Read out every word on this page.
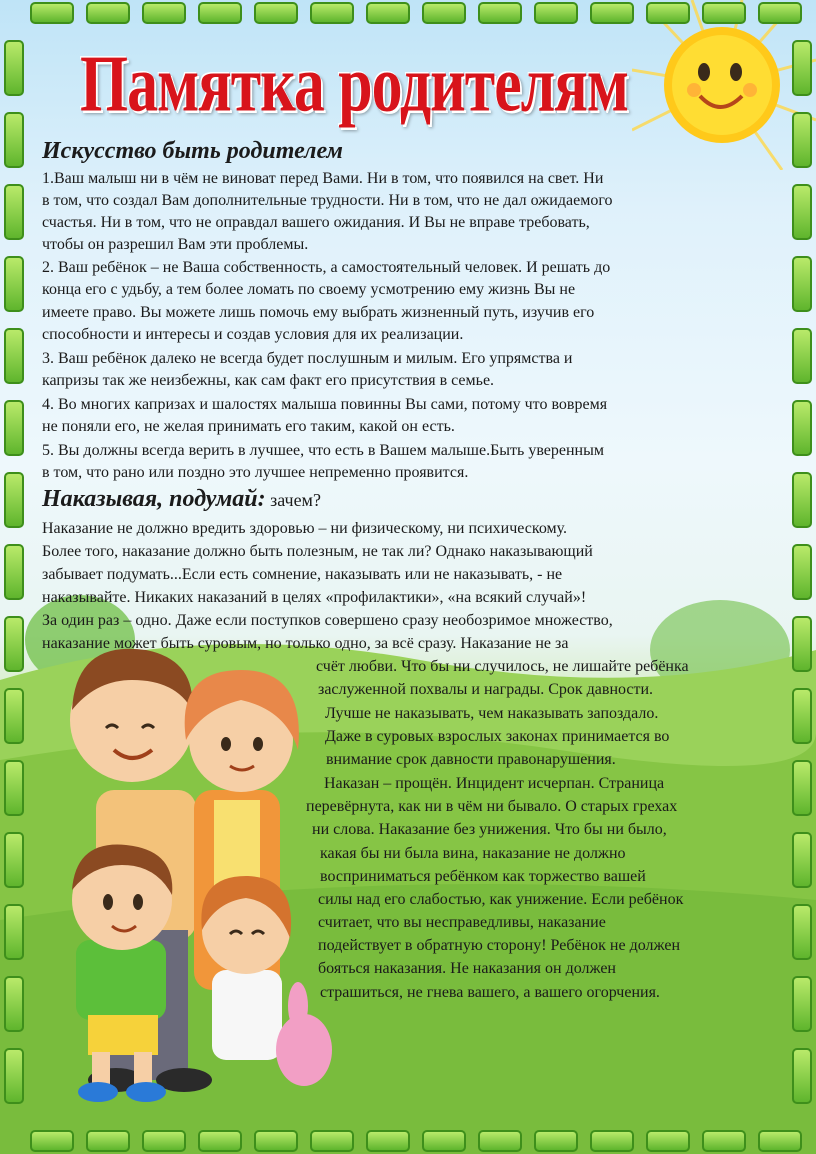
Памятка родителям
Искусство быть родителем
1.Ваш малыш ни в чём не виноват перед Вами. Ни в том, что появился на свет. Ни
в том, что создал Вам дополнительные трудности. Ни в том, что не дал ожидаемого
счастья. Ни в том, что не оправдал вашего ожидания. И Вы не вправе требовать,
чтобы он разрешил Вам эти проблемы.
2. Ваш ребёнок – не Ваша собственность, а самостоятельный человек. И решать до
конца его с удьбу, а тем более ломать по своему усмотрению ему жизнь Вы не
имеете право. Вы можете лишь помочь ему выбрать жизненный путь, изучив его
способности и интересы и создав условия для их реализации.
3. Ваш ребёнок далеко не всегда будет послушным и милым. Его упрямства и
капризы так же неизбежны, как сам факт его присутствия в семье.
4. Во многих капризах и шалостях малыша повинны Вы сами, потому что вовремя
не поняли его, не желая принимать его таким, какой он есть.
5. Вы должны всегда верить в лучшее, что есть в Вашем малыше.Быть уверенным
в том, что рано или поздно это лучшее непременно проявится.
Наказывая, подумай: зачем?
Наказание не должно вредить здоровью – ни физическому, ни психическому.
Более того, наказание должно быть полезным, не так ли? Однако наказывающий
забывает подумать...Если есть сомнение, наказывать или не наказывать, - не
наказывайте. Никаких наказаний в целях «профилактики», «на всякий случай»!
За один раз – одно. Даже если поступков совершено сразу необозримое множество,
наказание может быть суровым, но только одно, за всё сразу. Наказание не за
счёт любви. Что бы ни случилось, не лишайте ребёнка
заслуженной похвалы и награды. Срок давности.
Лучше не наказывать, чем наказывать запоздало.
Даже в суровых взрослых законах принимается во
внимание срок давности правонарушения.
Наказан – прощён. Инцидент исчерпан. Страница
перевёрнута, как ни в чём ни бывало. О старых грехах
ни слова. Наказание без унижения. Что бы ни было,
какая бы ни была вина, наказание не должно
восприниматься ребёнком как торжество вашей
силы над его слабостью, как унижение. Если ребёнок
считает, что вы несправедливы, наказание
подействует в обратную сторону! Ребёнок не должен
бояться наказания. Не наказания он должен
страшиться, не гнева вашего, а вашего огорчения.
